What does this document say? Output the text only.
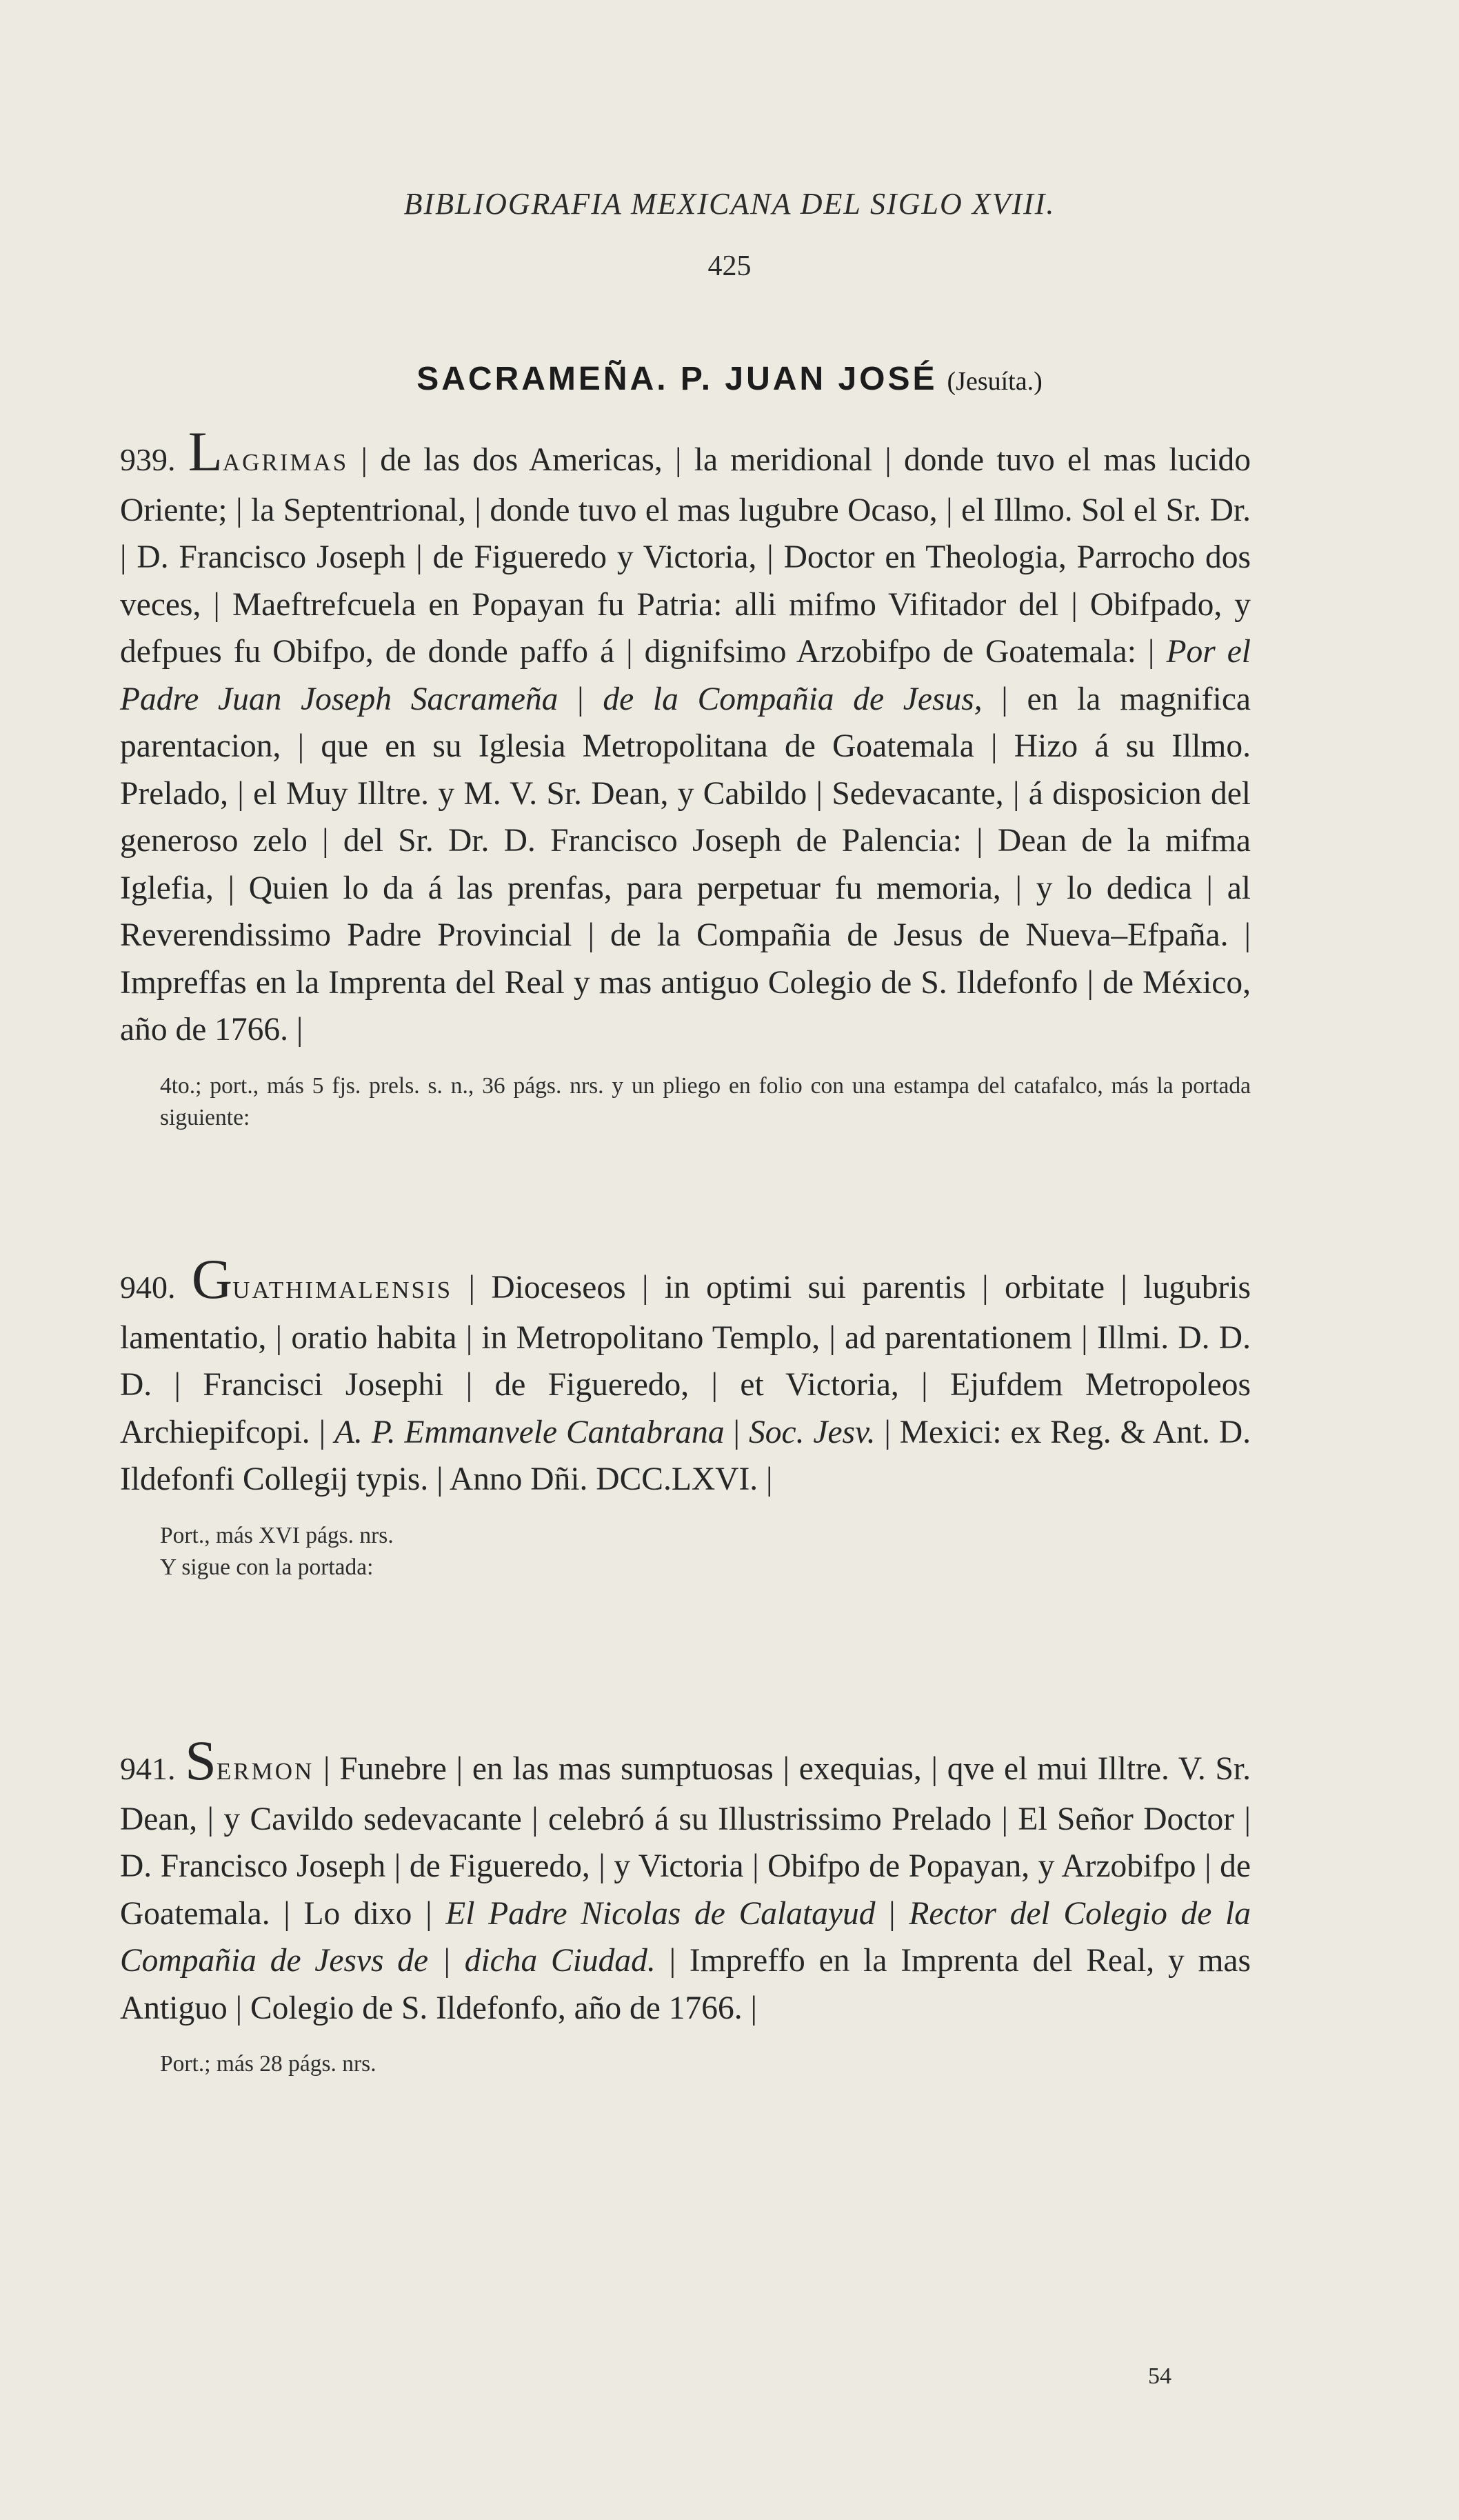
BIBLIOGRAFIA MEXICANA DEL SIGLO XVIII.
425
SACRAMEÑA. P. JUAN JOSÉ (Jesuíta.)
939. LAGRIMAS | de las dos Americas, | la meridional | donde tuvo el mas lucido Oriente; | la Septentrional, | donde tuvo el mas lugubre Ocaso, | el Illmo. Sol el Sr. Dr. | D. Francisco Joseph | de Figueredo y Victoria, | Doctor en Theologia, Parrocho dos veces, | Maeftrefcuela en Popayan fu Patria: alli mifmo Vifitador del | Obifpado, y defpues fu Obifpo, de donde paffo á | dignifsimo Arzobifpo de Goatemala: | Por el Padre Juan Joseph Sacrameña | de la Compañia de Jesus, | en la magnifica parentacion, | que en su Iglesia Metropolitana de Goatemala | Hizo á su Illmo. Prelado, | el Muy Illtre. y M. V. Sr. Dean, y Cabildo | Sedevacante, | á disposicion del generoso zelo | del Sr. Dr. D. Francisco Joseph de Palencia: | Dean de la mifma Iglefia, | Quien lo da á las prenfas, para perpetuar fu memoria, | y lo dedica | al Reverendissimo Padre Provincial | de la Compañia de Jesus de Nueva–Efpaña. | Impreffas en la Imprenta del Real y mas antiguo Colegio de S. Ildefonfo | de México, año de 1766. |
4to.; port., más 5 fjs. prels. s. n., 36 págs. nrs. y un pliego en folio con una estampa del catafalco, más la portada siguiente:
940. GUATHIMALENSIS | Dioceseos | in optimi sui parentis | orbitate | lugubris lamentatio, | oratio habita | in Metropolitano Templo, | ad parentationem | Illmi. D. D. D. | Francisci Josephi | de Figueredo, | et Victoria, | Ejufdem Metropoleos Archiepifcopi. | A. P. Emmanvele Cantabrana | Soc. Jesv. | Mexici: ex Reg. & Ant. D. Ildefonfi Collegij typis. | Anno Dñi. DCC.LXVI. |
Port., más XVI págs. nrs.
Y sigue con la portada:
941. SERMON | Funebre | en las mas sumptuosas | exequias, | qve el mui Illtre. V. Sr. Dean, | y Cavildo sedevacante | celebró á su Illustrissimo Prelado | El Señor Doctor | D. Francisco Joseph | de Figueredo, | y Victoria | Obifpo de Popayan, y Arzobifpo | de Goatemala. | Lo dixo | El Padre Nicolas de Calatayud | Rector del Colegio de la Compañia de Jesvs de | dicha Ciudad. | Impreffo en la Imprenta del Real, y mas Antiguo | Colegio de S. Ildefonfo, año de 1766. |
Port.; más 28 págs. nrs.
54
